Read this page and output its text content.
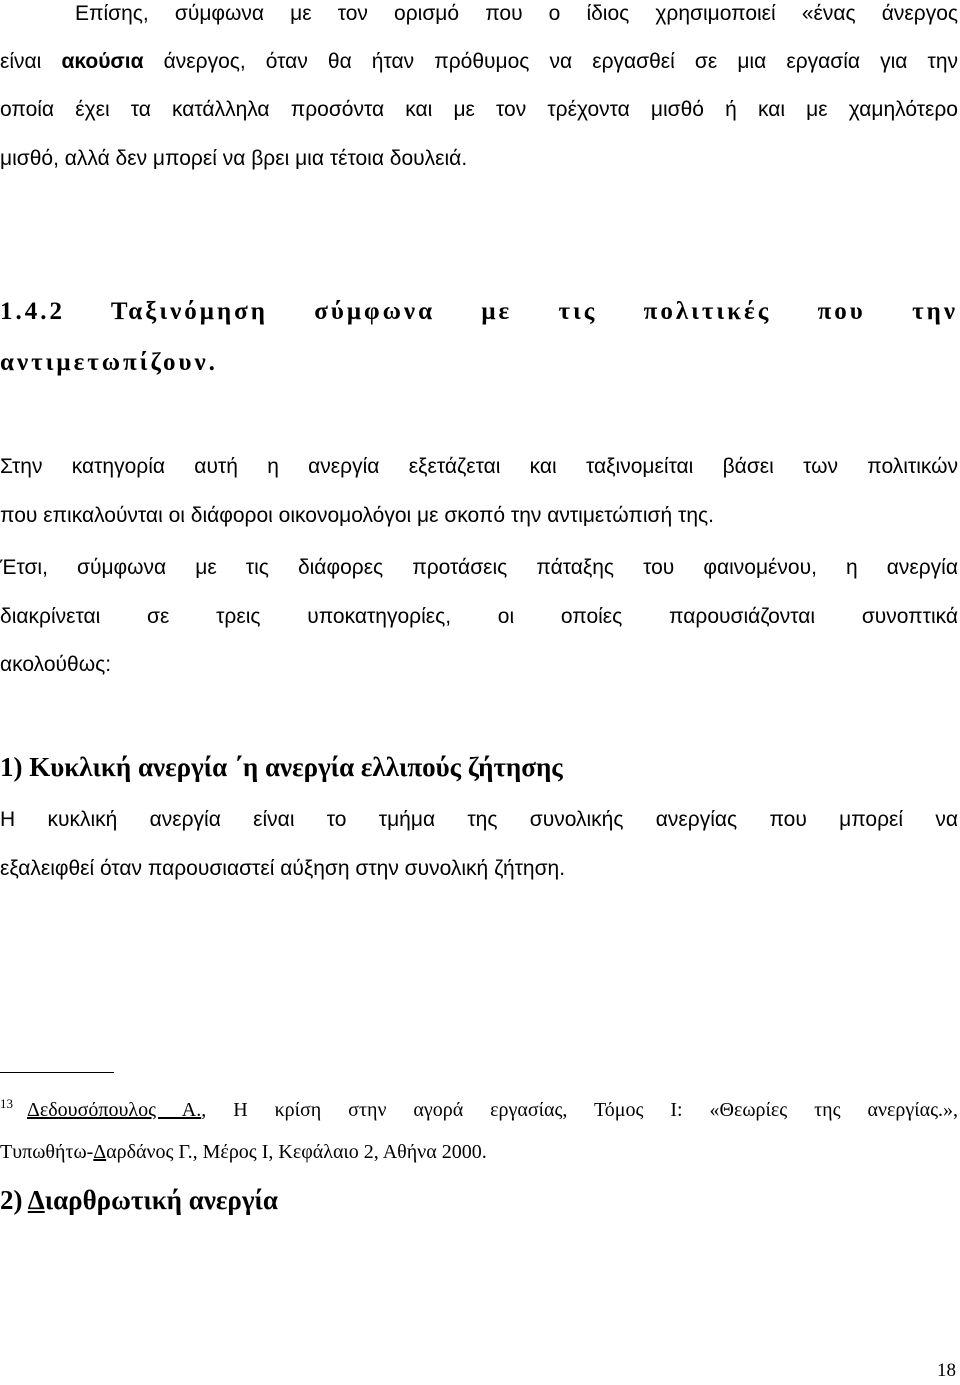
Επίσης, σύμφωνα με τον ορισμό που ο ίδιος χρησιμοποιεί «ένας άνεργος

είναι ακούσια άνεργος, όταν θα ήταν πρόθυμος να εργασθεί σε μια εργασία για την

οποία έχει τα κατάλληλα προσόντα και με τον τρέχοντα μισθό ή και με χαμηλότερο

μισθό, αλλά δεν μπορεί να βρει μια τέτοια δουλειά.

1.4.2 Ταξινόμηση σύμφωνα με τις πολιτικές που την

αντιμετωπίζουν.

Στην κατηγορία αυτή η ανεργία εξετάζεται και ταξινομείται βάσει των πολιτικών

που επικαλούνται οι διάφοροι οικονομολόγοι με σκοπό την αντιμετώπισή της.

Έτσι, σύμφωνα με τις διάφορες προτάσεις πάταξης του φαινομένου, η ανεργία

διακρίνεται σε τρεις υποκατηγορίες, οι οποίες παρουσιάζονται συνοπτικά

ακολούθως:

1) Κυκλική ανεργία ΄η ανεργία ελλιπούς ζήτησης

Η κυκλική ανεργία είναι το τμήμα της συνολικής ανεργίας που μπορεί να

εξαλειφθεί όταν παρουσιαστεί αύξηση στην συνολική ζήτηση.

$^{13}$ Δεδουσόπουλος Α., Η κρίση στην αγορά εργασίας, Τόμος Ι: «Θεωρίες της ανεργίας.»,

Τυπωθήτω-Δαρδάνος Γ., Μέρος Ι, Κεφάλαιο 2, Αθήνα 2000.

2) Διαρθρωτική ανεργία

18
